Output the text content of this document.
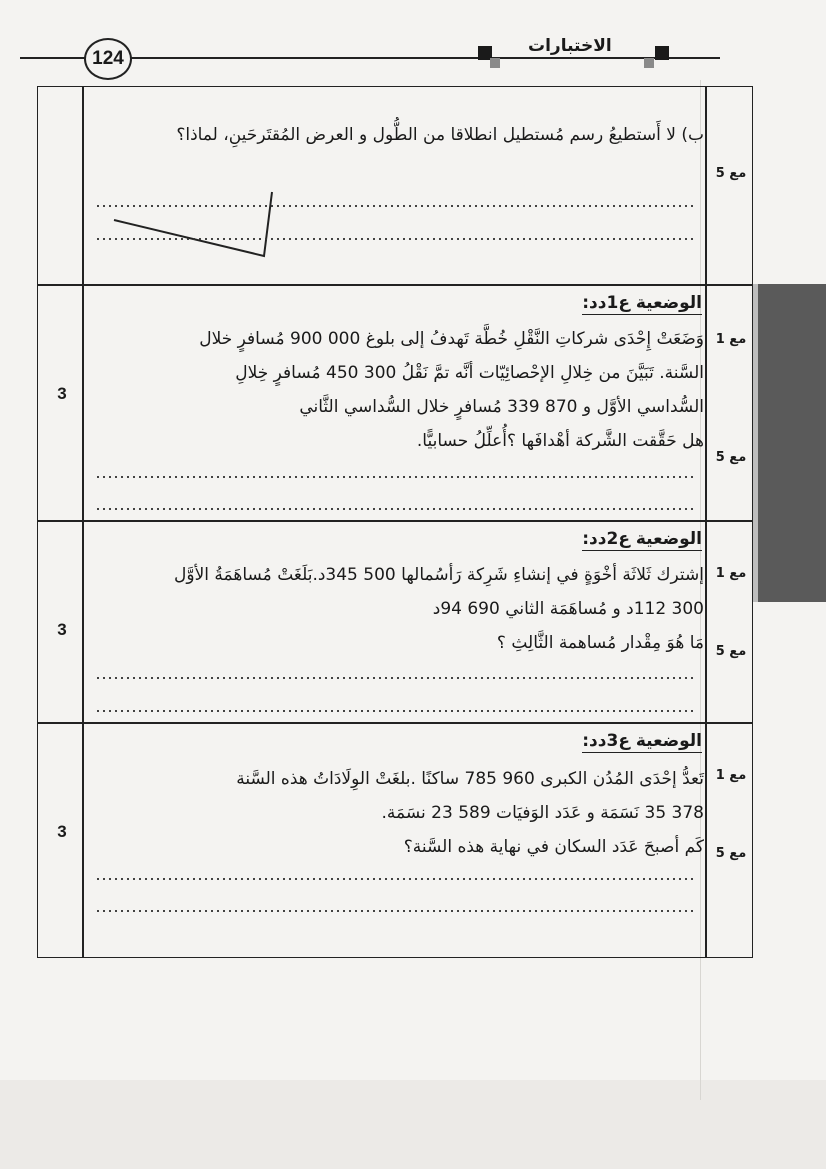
الاختبارات
124
ب) لا أَستطيعُ رسم مُستطيل انطلاقا من الطُّول و العرض المُقتَرحَينِ، لماذا؟
مع 5
الوضعية ع1دد:
وَضَعَتْ إِحْدَى شركاتِ النَّقْلِ خُطَّة تَهدفُ إلى بلوغ 000 900 مُسافرٍ خلال
السَّنة. تَبَيَّنَ من خِلالِ الإحْصائِيّات أنَّه تمَّ نَقْلُ 300 450 مُسافرٍ خِلالِ
السُّداسي الأوَّل و 870 339 مُسافرٍ خلال السُّداسي الثَّاني
هل حَقَّقت الشَّركة أهْدافَها ؟أُعلِّلُ حسابيًّا.
مع 1
مع 5
3
الوضعية ع2دد:
إشترك ثَلاثَة أخْوَةٍ في إنشاءِ شَرِكة رَأسُمالها 500 345د.بَلَغَتْ مُساهَمَةُ الأوَّل
300 112د و مُساهَمَة الثاني 690 94د
مَا هُوَ مِقْدار مُساهمة الثَّالِثِ ؟
مع 1
مع 5
3
الوضعية ع3دد:
تَعدُّ إحْدَى المُدُن الكبرى 960 785 ساكنًا .بلغَتْ الوِلَادَاتُ هذه السَّنة
378 35 نَسَمَة و عَدَد الوَفيَات 589 23 نسَمَة.
كَم أصبحَ عَدَد السكان في نهاية هذه السَّنة؟
مع 1
مع 5
3
